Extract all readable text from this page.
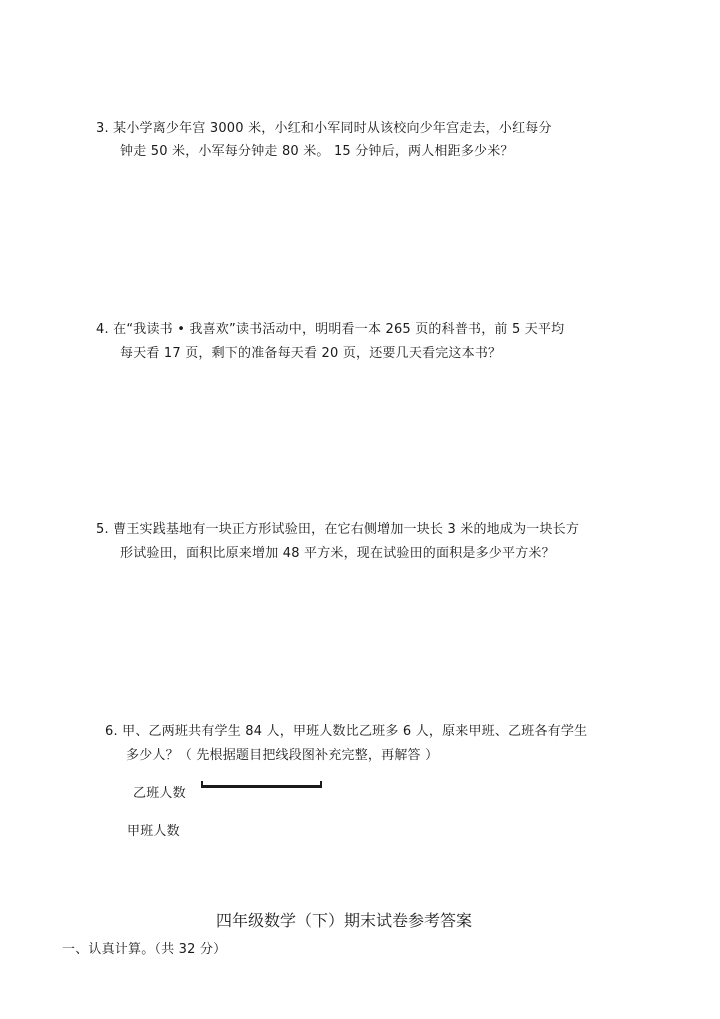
3. 某小学离少年宫 3000 米，小红和小军同时从该校向少年宫走去，小红每分
钟走 50 米，小军每分钟走 80 米。 15 分钟后，两人相距多少米？
4. 在“我读书 • 我喜欢”读书活动中，明明看一本 265 页的科普书，前 5 天平均
每天看 17 页，剩下的准备每天看 20 页，还要几天看完这本书？
5. 曹王实践基地有一块正方形试验田，在它右侧增加一块长 3 米的地成为一块长方
形试验田，面积比原来增加 48 平方米，现在试验田的面积是多少平方米？
6. 甲、乙两班共有学生 84 人，甲班人数比乙班多 6 人，原来甲班、乙班各有学生
多少人？（ 先根据题目把线段图补充完整，再解答 ）
乙班人数
甲班人数
四年级数学（下）期末试卷参考答案
一、认真计算。（共 32 分）
